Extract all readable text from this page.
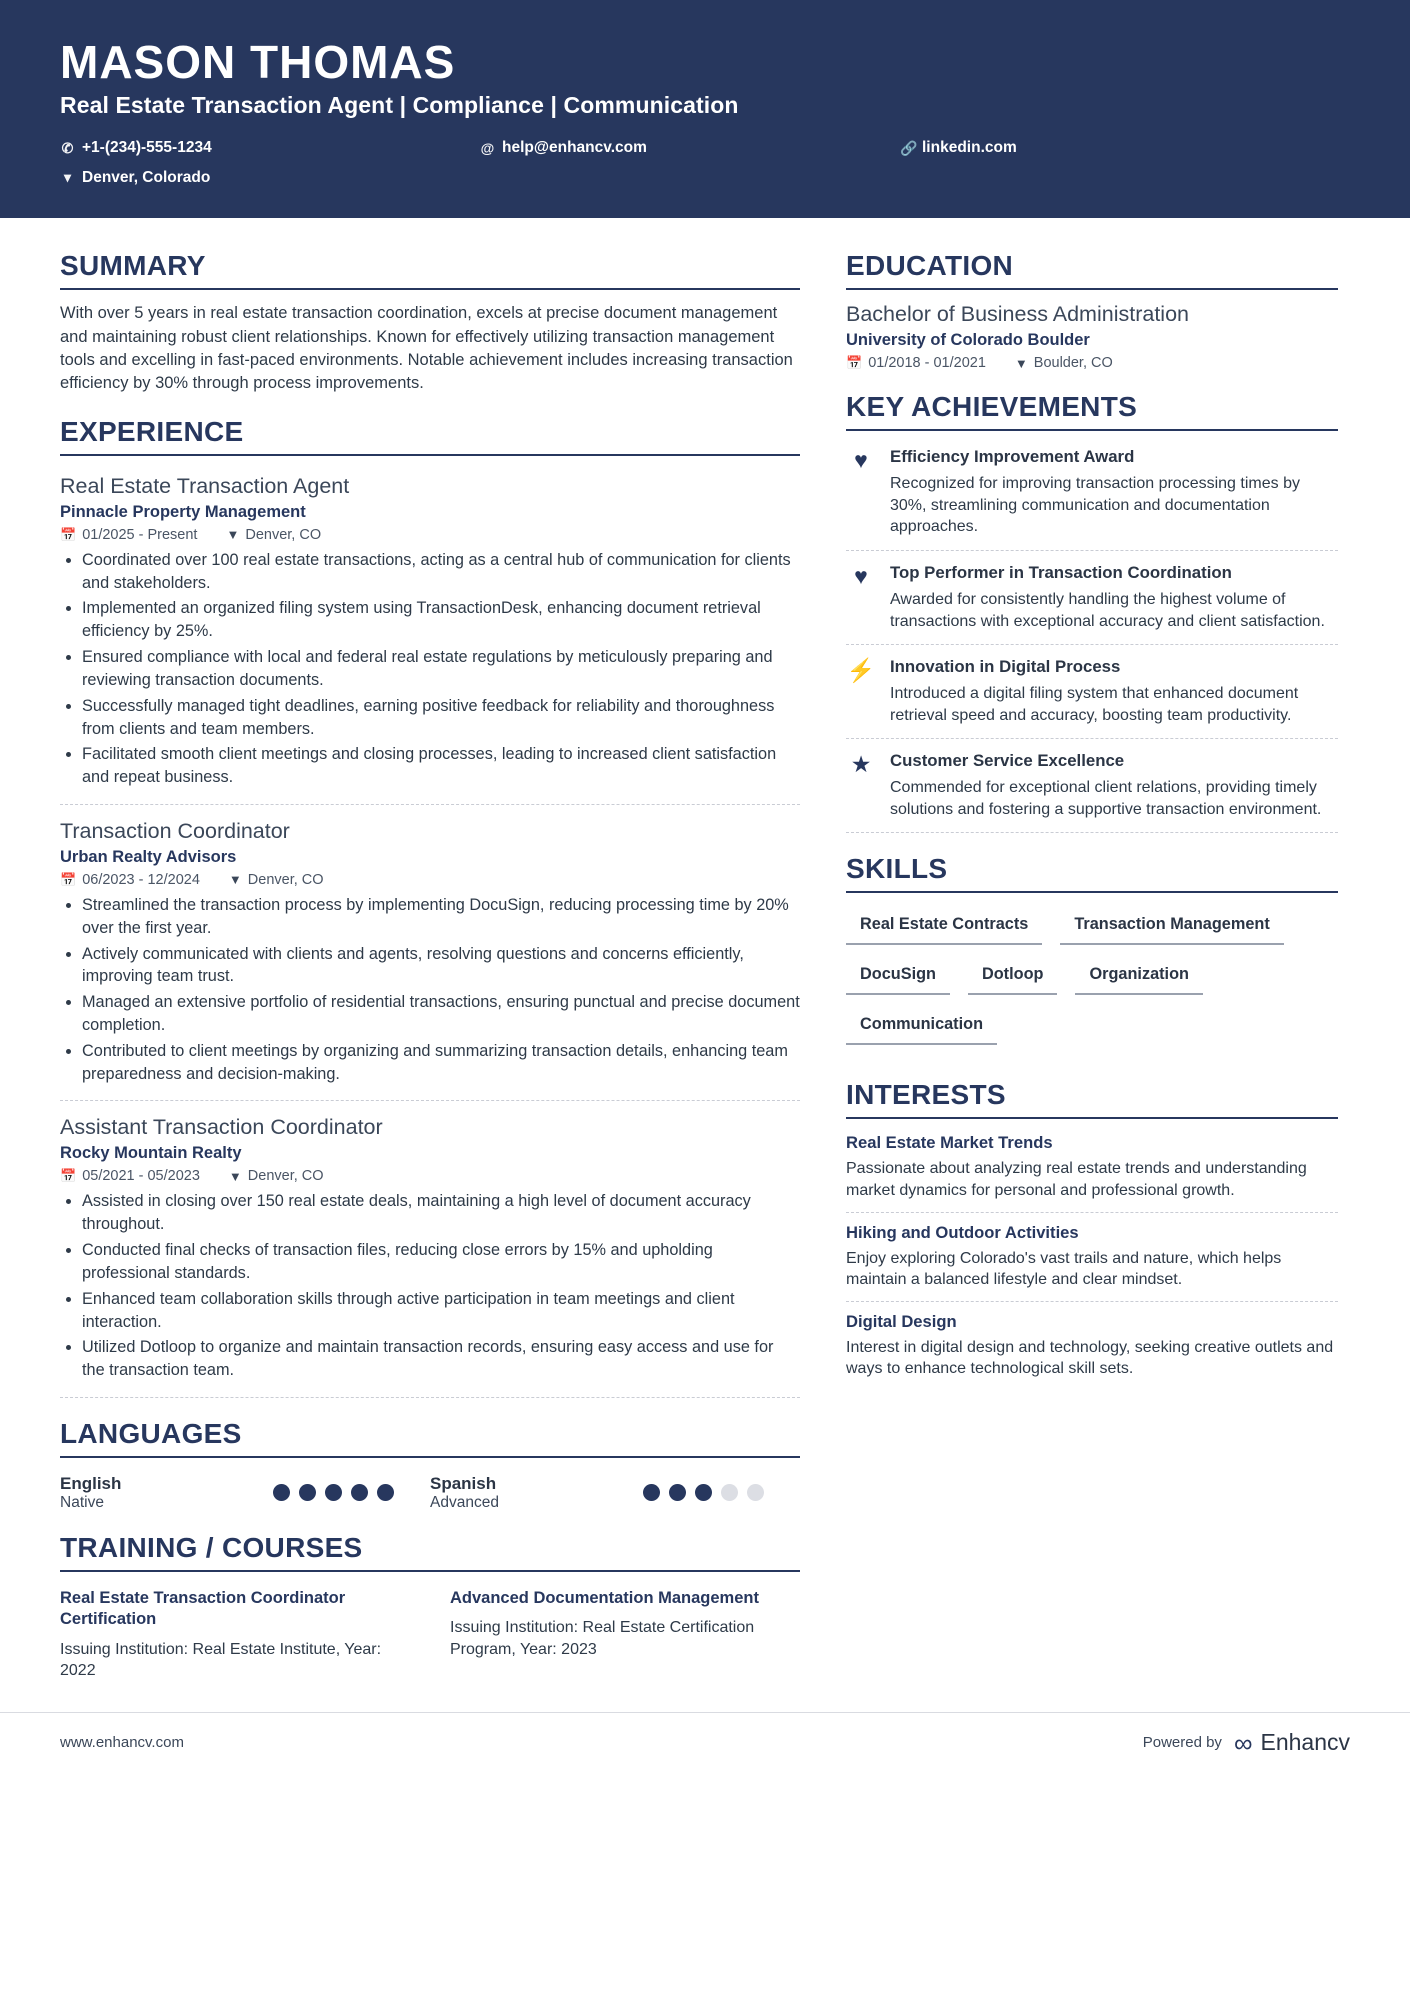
MASON THOMAS
Real Estate Transaction Agent | Compliance | Communication
✆ +1-(234)-555-1234	@ help@enhancv.com	🔗 linkedin.com
▾ Denver, Colorado
SUMMARY

With over 5 years in real estate transaction coordination, excels at precise document management and maintaining robust client relationships. Known for effectively utilizing transaction management tools and excelling in fast-paced environments. Notable achievement includes increasing transaction efficiency by 30% through process improvements.

EXPERIENCE
Real Estate Transaction Agent
Pinnacle Property Management
📅 01/2025 - Present ▼ Denver, CO
• Coordinated over 100 real estate transactions, acting as a central hub of communication for clients and stakeholders.
• Implemented an organized filing system using TransactionDesk, enhancing document retrieval efficiency by 25%.
• Ensured compliance with local and federal real estate regulations by meticulously preparing and reviewing transaction documents.
• Successfully managed tight deadlines, earning positive feedback for reliability and thoroughness from clients and team members.
• Facilitated smooth client meetings and closing processes, leading to increased client satisfaction and repeat business.
Transaction Coordinator
Urban Realty Advisors
📅 06/2023 - 12/2024 ▼ Denver, CO
• Streamlined the transaction process by implementing DocuSign, reducing processing time by 20% over the first year.
• Actively communicated with clients and agents, resolving questions and concerns efficiently, improving team trust.
• Managed an extensive portfolio of residential transactions, ensuring punctual and precise document completion.
• Contributed to client meetings by organizing and summarizing transaction details, enhancing team preparedness and decision-making.
Assistant Transaction Coordinator
Rocky Mountain Realty
📅 05/2021 - 05/2023 ▼ Denver, CO
• Assisted in closing over 150 real estate deals, maintaining a high level of document accuracy throughout.
• Conducted final checks of transaction files, reducing close errors by 15% and upholding professional standards.
• Enhanced team collaboration skills through active participation in team meetings and client interaction.
• Utilized Dotloop to organize and maintain transaction records, ensuring easy access and use for the transaction team.
LANGUAGES
English
Native
Spanish
Advanced
TRAINING / COURSES
Real Estate Transaction Coordinator Certification
Issuing Institution: Real Estate Institute, Year: 2022
Advanced Documentation Management
Issuing Institution: Real Estate Certification Program, Year: 2023
EDUCATION
Bachelor of Business Administration
University of Colorado Boulder
📅 01/2018 - 01/2021 ▼ Boulder, CO
KEY ACHIEVEMENTS
♥	Efficiency Improvement Award
Recognized for improving transaction processing times by 30%, streamlining communication and documentation approaches.
♥	Top Performer in Transaction Coordination
Awarded for consistently handling the highest volume of transactions with exceptional accuracy and client satisfaction.
⚡ Innovation in Digital Process
Introduced a digital filing system that enhanced document retrieval speed and accuracy, boosting team productivity.
★ Customer Service Excellence
Commended for exceptional client relations, providing timely solutions and fostering a supportive transaction environment.
SKILLS
Real Estate Contracts	Transaction Management
DocuSign	Dotloop	Organization
Communication
INTERESTS
Real Estate Market Trends
Passionate about analyzing real estate trends and understanding market dynamics for personal and professional growth.
Hiking and Outdoor Activities
Enjoy exploring Colorado's vast trails and nature, which helps maintain a balanced lifestyle and clear mindset.
Digital Design
Interest in digital design and technology, seeking creative outlets and ways to enhance technological skill sets.
www.enhancv.com	Powered by ∞ Enhancv
